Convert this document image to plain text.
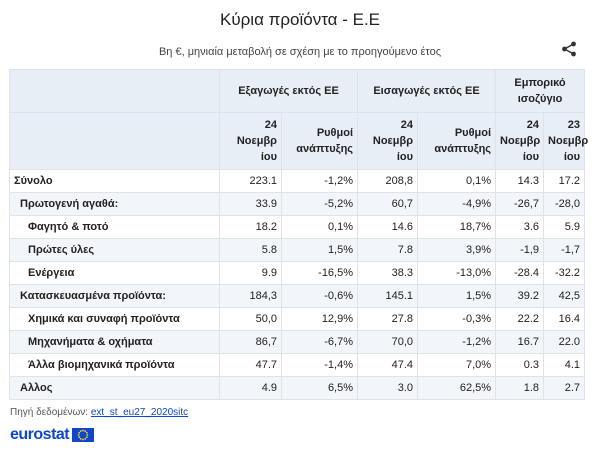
Κύρια προϊόντα - Ε.Ε
Βη €, μηνιαία μεταβολή σε σχέση με το προηγούμενο έτος
	Εξαγωγές εκτός ΕΕ		Εισαγωγές εκτός ΕΕ		Εμπορικό ισοζύγιο	
	24 Νοεμβρ ίου	Ρυθμοί ανάπτυξης	24 Νοεμβρ ίου	Ρυθμοί ανάπτυξης	24 Νοεμβρ ίου	23 Νοεμβρ ίου
Σύνολο	223.1	-1,2%	208,8	0,1%	14.3	17.2
Πρωτογενή αγαθά:	33.9	-5,2%	60,7	-4,9%	-26,7	-28,0
Φαγητό & ποτό	18.2	0,1%	14.6	18,7%	3.6	5.9
Πρώτες ύλες	5.8	1,5%	7.8	3,9%	-1,9	-1,7
Ενέργεια	9.9	-16,5%	38.3	-13,0%	-28.4	-32.2
Κατασκευασμένα προϊόντα:	184,3	-0,6%	145.1	1,5%	39.2	42,5
Χημικά και συναφή προϊόντα	50,0	12,9%	27.8	-0,3%	22.2	16.4
Μηχανήματα & οχήματα	86,7	-6,7%	70,0	-1,2%	16.7	22.0
Άλλα βιομηχανικά προϊόντα	47.7	-1,4%	47.4	7,0%	0.3	4.1
Αλλος	4.9	6,5%	3.0	62,5%	1.8	2.7
Πηγή δεδομένων: ext_st_eu27_2020sitc
eurostat
